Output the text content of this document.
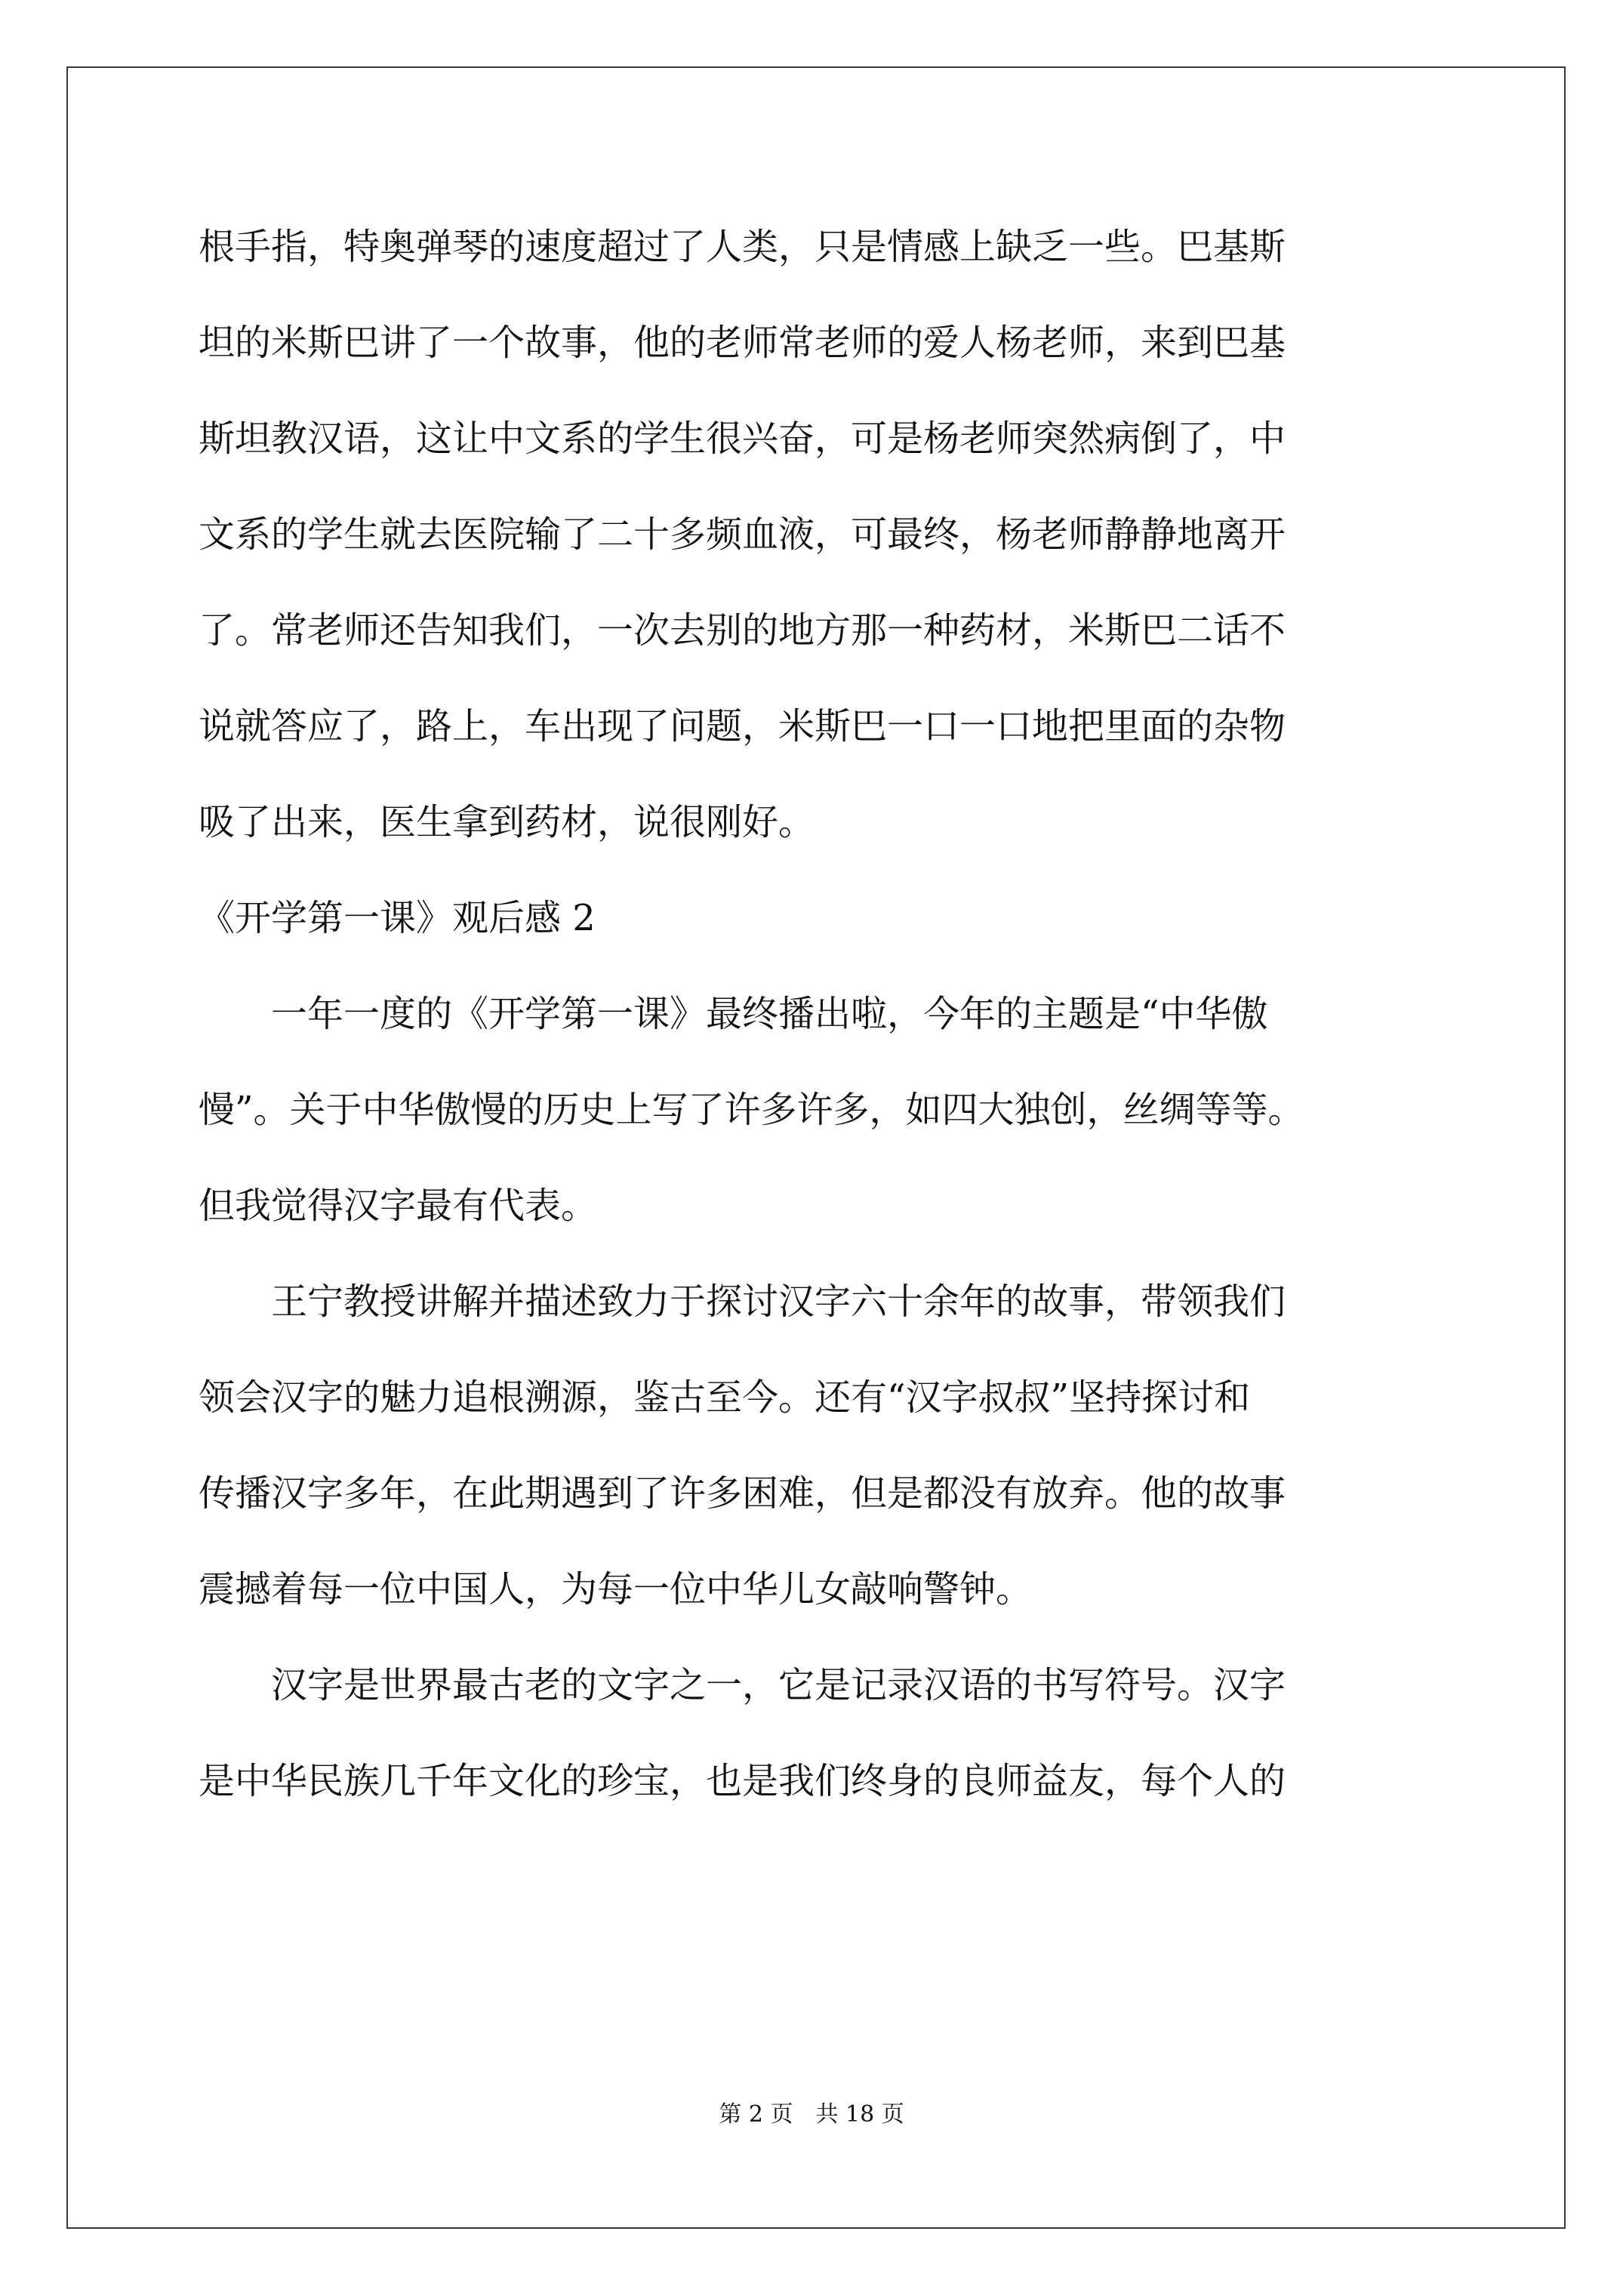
根手指，特奥弹琴的速度超过了人类，只是情感上缺乏一些。巴基斯

坦的米斯巴讲了一个故事，他的老师常老师的爱人杨老师，来到巴基

斯坦教汉语，这让中文系的学生很兴奋，可是杨老师突然病倒了，中

文系的学生就去医院输了二十多频血液，可最终，杨老师静静地离开

了。常老师还告知我们，一次去别的地方那一种药材，米斯巴二话不

说就答应了，路上，车出现了问题，米斯巴一口一口地把里面的杂物

吸了出来，医生拿到药材，说很刚好。

《开学第一课》观后感 2

一年一度的《开学第一课》最终播出啦，今年的主题是“中华傲

慢”。关于中华傲慢的历史上写了许多许多，如四大独创，丝绸等等。

但我觉得汉字最有代表。

王宁教授讲解并描述致力于探讨汉字六十余年的故事，带领我们

领会汉字的魅力追根溯源，鉴古至今。还有“汉字叔叔”坚持探讨和

传播汉字多年，在此期遇到了许多困难，但是都没有放弃。他的故事

震撼着每一位中国人，为每一位中华儿女敲响警钟。

汉字是世界最古老的文字之一，它是记录汉语的书写符号。汉字

是中华民族几千年文化的珍宝，也是我们终身的良师益友，每个人的

第 2 页　共 18 页
